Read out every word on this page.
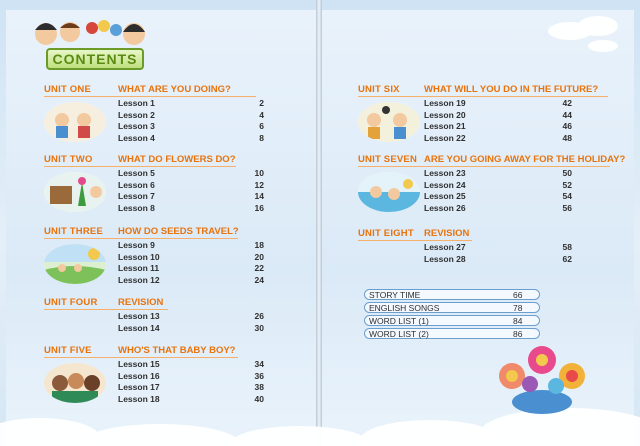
CONTENTS
UNIT ONE	WHAT ARE YOU DOING?
Lesson 1	2
Lesson 2	4
Lesson 3	6
Lesson 4	8
UNIT TWO	WHAT DO FLOWERS DO?
Lesson 5	10
Lesson 6	12
Lesson 7	14
Lesson 8	16
UNIT THREE HOW DO SEEDS TRAVEL?
Lesson 9	18
Lesson 10	20
Lesson 11	22
Lesson 12	24
UNIT FOUR REVISION
Lesson 13	26
Lesson 14	30
UNIT FIVE	WHO'S THAT BABY BOY?
Lesson 15	34
Lesson 16	36
Lesson 17	38
Lesson 18	40
UNIT SIX	WHAT WILL YOU DO IN THE FUTURE?
Lesson 19	42
Lesson 20	44
Lesson 21	46
Lesson 22	48
UNIT SEVEN ARE YOU GOING AWAY FOR THE HOLIDAY?
Lesson 23	50
Lesson 24	52
Lesson 25	54
Lesson 26	56
UNIT EIGHT REVISION
Lesson 27	58
Lesson 28	62
STORY TIME	66
ENGLISH SONGS	78
WORD LIST (1)	84
WORD LIST (2)	86
